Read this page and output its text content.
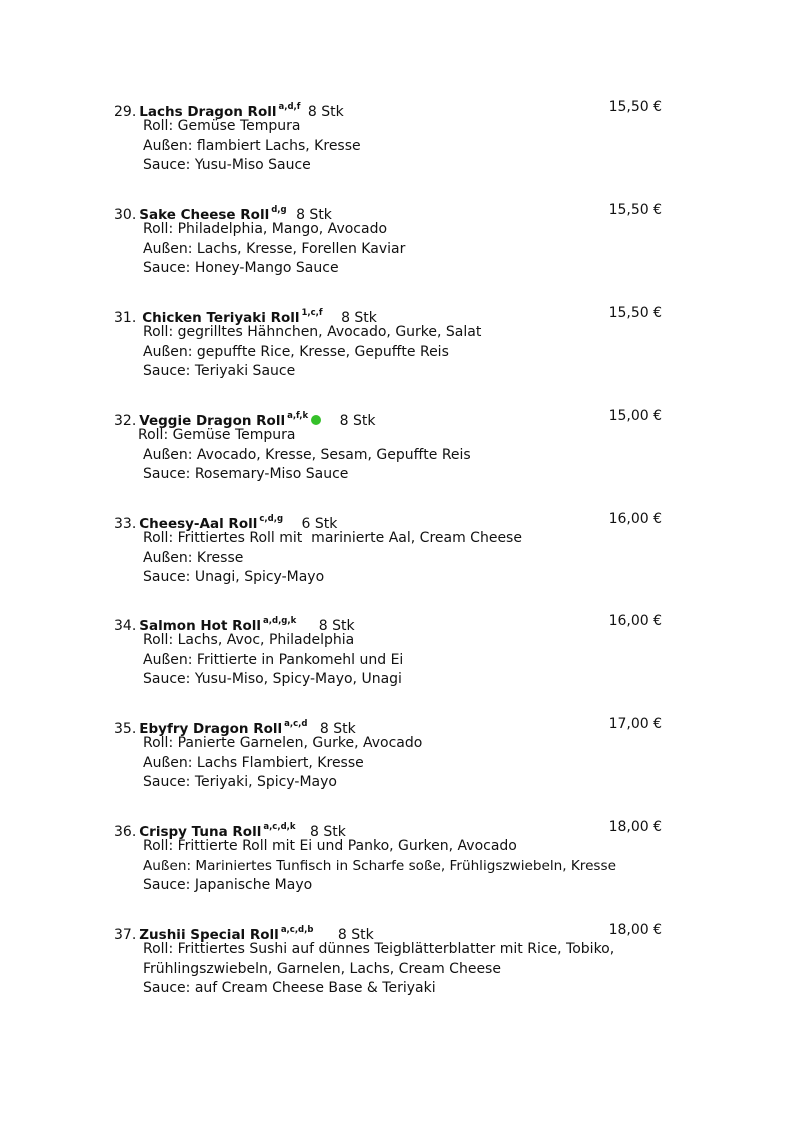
29. Lachs Dragon Roll $^{a,d,f}$ 8 Stk	15,50 €
Roll: Gemüse Tempura
Außen: flambiert Lachs, Kresse
Sauce: Yusu-Miso Sauce
30. Sake Cheese Roll $^{d,g}$ 8 Stk	15,50 €
Roll: Philadelphia, Mango, Avocado
Außen: Lachs, Kresse, Forellen Kaviar
Sauce: Honey-Mango Sauce
31. Chicken Teriyaki Roll $^{1,c,f}$ 8 Stk	15,50 €
Roll: gegrilltes Hähnchen, Avocado, Gurke, Salat
Außen: gepuffte Rice, Kresse, Gepuffte Reis
Sauce: Teriyaki Sauce
32. Veggie Dragon Roll $^{a,f,k}$ 8 Stk	15,00 €
Roll: Gemüse Tempura
Außen: Avocado, Kresse, Sesam, Gepuffte Reis
Sauce: Rosemary-Miso Sauce
33. Cheesy-Aal Roll $^{c,d,g}$ 6 Stk	16,00 €
Roll: Frittiertes Roll mit  marinierte Aal, Cream Cheese
Außen: Kresse
Sauce: Unagi, Spicy-Mayo
34. Salmon Hot Roll $^{a,d,g,k}$ 8 Stk	16,00 €
Roll: Lachs, Avoc, Philadelphia
Außen: Frittierte in Pankomehl und Ei
Sauce: Yusu-Miso, Spicy-Mayo, Unagi
35. Ebyfry Dragon Roll $^{a,c,d}$ 8 Stk	17,00 €
Roll: Panierte Garnelen, Gurke, Avocado
Außen: Lachs Flambiert, Kresse
Sauce: Teriyaki, Spicy-Mayo
36. Crispy Tuna Roll $^{a,c,d,k}$ 8 Stk	18,00 €
Roll: Frittierte Roll mit Ei und Panko, Gurken, Avocado
Außen: Mariniertes Tunfisch in Scharfe soße, Frühligszwiebeln, Kresse
Sauce: Japanische Mayo
37. Zushii Special Roll $^{a,c,d,b}$ 8 Stk	18,00 €
Roll: Frittiertes Sushi auf dünnes Teigblätterblatter mit Rice, Tobiko,
Frühlingszwiebeln, Garnelen, Lachs, Cream Cheese
Sauce: auf Cream Cheese Base & Teriyaki
